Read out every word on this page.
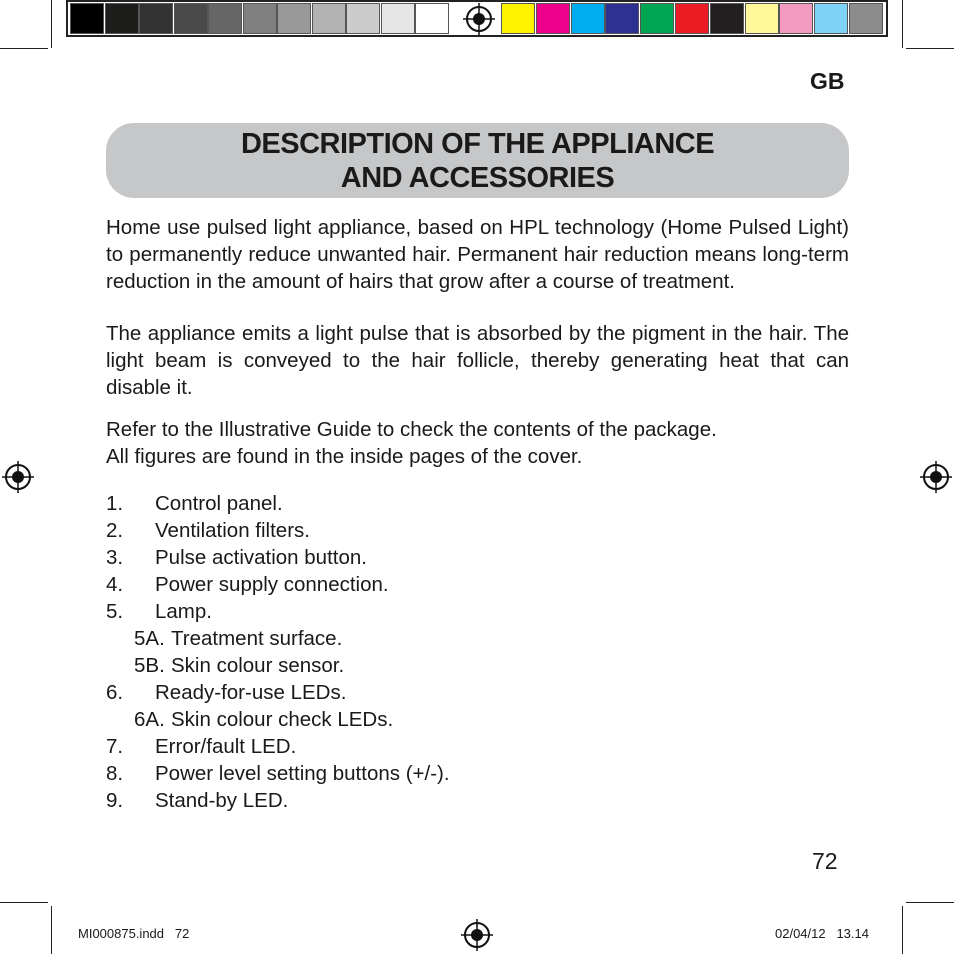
GB
DESCRIPTION OF THE APPLIANCE
AND ACCESSORIES

Home use pulsed light appliance, based on HPL technology (Home Pulsed Light) to permanently reduce unwanted hair. Permanent hair reduction means long-term reduction in the amount of hairs that grow after a course of treatment.

The appliance emits a light pulse that is absorbed by the pigment in the hair. The light beam is conveyed to the hair follicle, thereby generating heat that can disable it.

Refer to the Illustrative Guide to check the contents of the package.
All figures are found in the inside pages of the cover.
1. Control panel.
2. Ventilation filters.
3. Pulse activation button.
4. Power supply connection.
5. Lamp.
5A. Treatment surface.
5B. Skin colour sensor.
6. Ready-for-use LEDs.
6A. Skin colour check LEDs.
7. Error/fault LED.
8. Power level setting buttons (+/-).
9. Stand-by LED.
72
MI000875.indd   72	02/04/12   13.14
